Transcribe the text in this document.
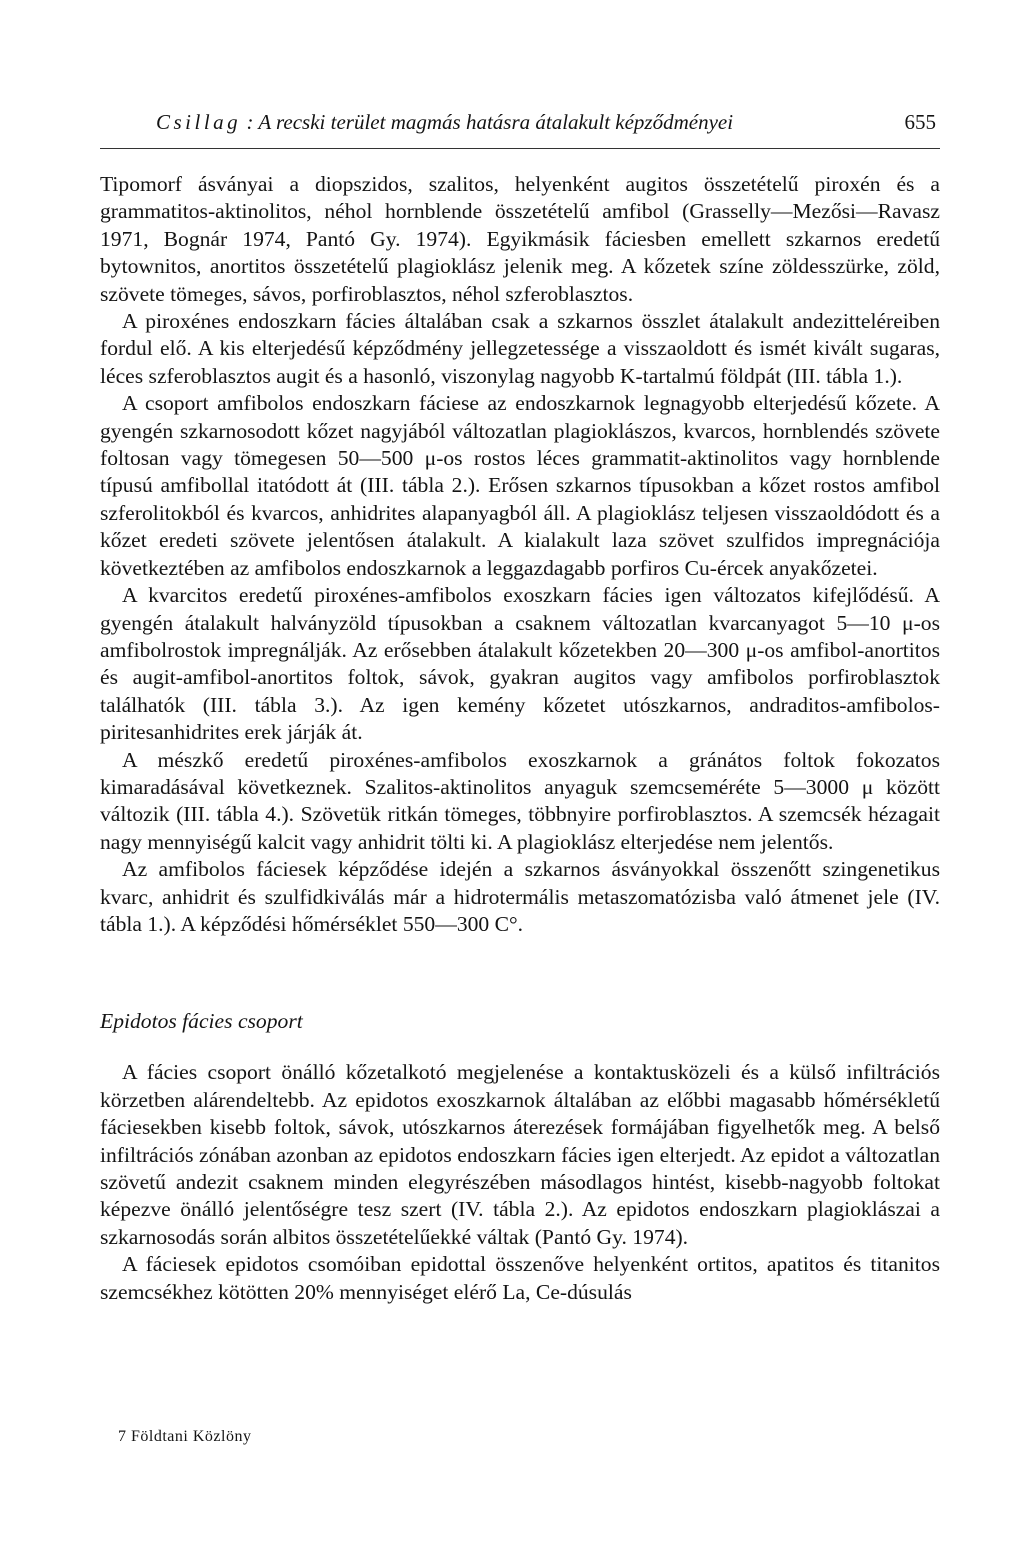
Csillag : A recski terület magmás hatásra átalakult képződményei	655

Tipomorf ásványai a diopszidos, szalitos, helyenként augitos összetételű piroxén és a grammatitos-aktinolitos, néhol hornblende összetételű amfibol (Grasselly—Mezősi—Ravasz 1971, Bognár 1974, Pantó Gy. 1974). Egyikmásik fáciesben emellett szkarnos eredetű bytownitos, anortitos összetételű plagioklász jelenik meg. A kőzetek színe zöldesszürke, zöld, szövete tömeges, sávos, porfiroblasztos, néhol szferoblasztos.

A piroxénes endoszkarn fácies általában csak a szkarnos összlet átalakult andezitteléreiben fordul elő. A kis elterjedésű képződmény jellegzetessége a visszaoldott és ismét kivált sugaras, léces szferoblasztos augit és a hasonló, viszonylag nagyobb K-tartalmú földpát (III. tábla 1.).

A csoport amfibolos endoszkarn fáciese az endoszkarnok legnagyobb elterjedésű kőzete. A gyengén szkarnosodott kőzet nagyjából változatlan plagioklászos, kvarcos, hornblendés szövete foltosan vagy tömegesen 50—500 μ-os rostos léces grammatit-aktinolitos vagy hornblende típusú amfibollal itatódott át (III. tábla 2.). Erősen szkarnos típusokban a kőzet rostos amfibol szferolitokból és kvarcos, anhidrites alapanyagból áll. A plagioklász teljesen visszaoldódott és a kőzet eredeti szövete jelentősen átalakult. A kialakult laza szövet szulfidos impregnációja következtében az amfibolos endoszkarnok a leggazdagabb porfiros Cu-ércek anyakőzetei.

A kvarcitos eredetű piroxénes-amfibolos exoszkarn fácies igen változatos kifejlődésű. A gyengén átalakult halványzöld típusokban a csaknem változatlan kvarcanyagot 5—10 μ-os amfibolrostok impregnálják. Az erősebben átalakult kőzetekben 20—300 μ-os amfibol-anortitos és augit-amfibol-anortitos foltok, sávok, gyakran augitos vagy amfibolos porfiroblasztok találhatók (III. tábla 3.). Az igen kemény kőzetet utószkarnos, andraditos-amfibolos-piritesanhidrites erek járják át.

A mészkő eredetű piroxénes-amfibolos exoszkarnok a gránátos foltok fokozatos kimaradásával következnek. Szalitos-aktinolitos anyaguk szemcseméréte 5—3000 μ között változik (III. tábla 4.). Szövetük ritkán tömeges, többnyire porfiroblasztos. A szemcsék hézagait nagy mennyiségű kalcit vagy anhidrit tölti ki. A plagioklász elterjedése nem jelentős.

Az amfibolos fáciesek képződése idején a szkarnos ásványokkal összenőtt szingenetikus kvarc, anhidrit és szulfidkiválás már a hidrotermális metaszomatózisba való átmenet jele (IV. tábla 1.). A képződési hőmérséklet 550—300 C°.

Epidotos fácies csoport

A fácies csoport önálló kőzetalkotó megjelenése a kontaktusközeli és a külső infiltrációs körzetben alárendeltebb. Az epidotos exoszkarnok általában az előbbi magasabb hőmérsékletű fáciesekben kisebb foltok, sávok, utószkarnos áterezések formájában figyelhetők meg. A belső infiltrációs zónában azonban az epidotos endoszkarn fácies igen elterjedt. Az epidot a változatlan szövetű andezit csaknem minden elegyrészében másodlagos hintést, kisebb-nagyobb foltokat képezve önálló jelentőségre tesz szert (IV. tábla 2.). Az epidotos endoszkarn plagioklászai a szkarnosodás során albitos összetételűekké váltak (Pantó Gy. 1974).

A fáciesek epidotos csomóiban epidottal összenőve helyenként ortitos, apatitos és titanitos szemcsékhez kötötten 20% mennyiséget elérő La, Ce-dúsulás

7 Földtani Közlöny
